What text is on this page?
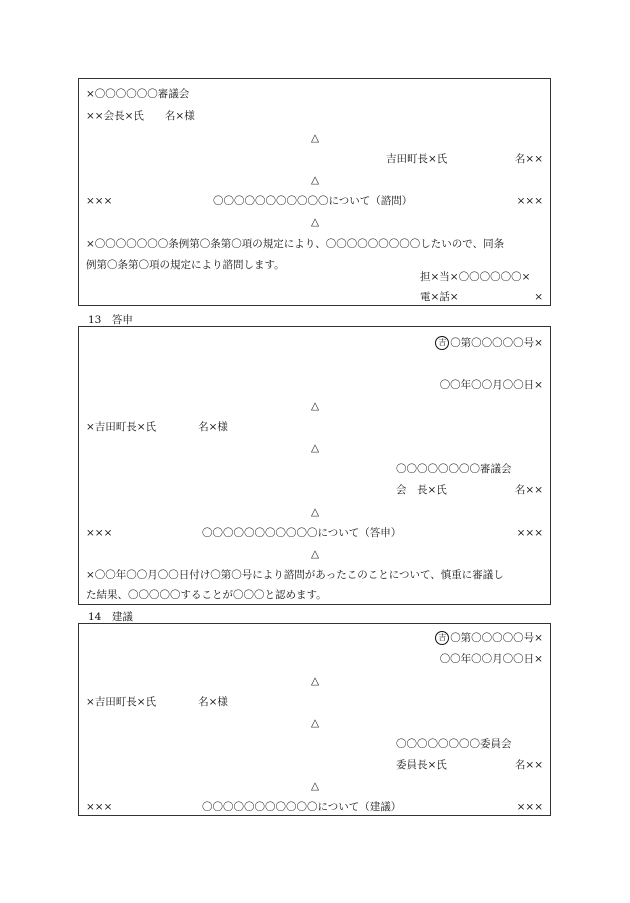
×〇〇〇〇〇〇審議会
××会長×氏　　名×様
△
吉田町長×氏	名××
△
×××	〇〇〇〇〇〇〇〇〇〇〇について（諮問）	×××
△
×〇〇〇〇〇〇〇条例第〇条第〇項の規定により、〇〇〇〇〇〇〇〇〇したいので、同条
例第〇条第〇項の規定により諮問します。
担×当×〇〇〇〇〇〇×
電×話×	×
13　答申
吉 〇第〇〇〇〇〇号×
〇〇年〇〇月〇〇日×
△
×吉田町長×氏　　　　名×様
△
〇〇〇〇〇〇〇〇審議会
会　長×氏	名××
△
×××	〇〇〇〇〇〇〇〇〇〇〇について（答申）	×××
△
×〇〇年〇〇月〇〇日付け〇第〇号により諮問があったこのことについて、慎重に審議し
た結果、〇〇〇〇〇することが〇〇〇と認めます。
14　建議
吉 〇第〇〇〇〇〇号×
〇〇年〇〇月〇〇日×
△
×吉田町長×氏　　　　名×様
△
〇〇〇〇〇〇〇〇委員会
委員長×氏	名××
△
×××	〇〇〇〇〇〇〇〇〇〇〇について（建議）	×××
